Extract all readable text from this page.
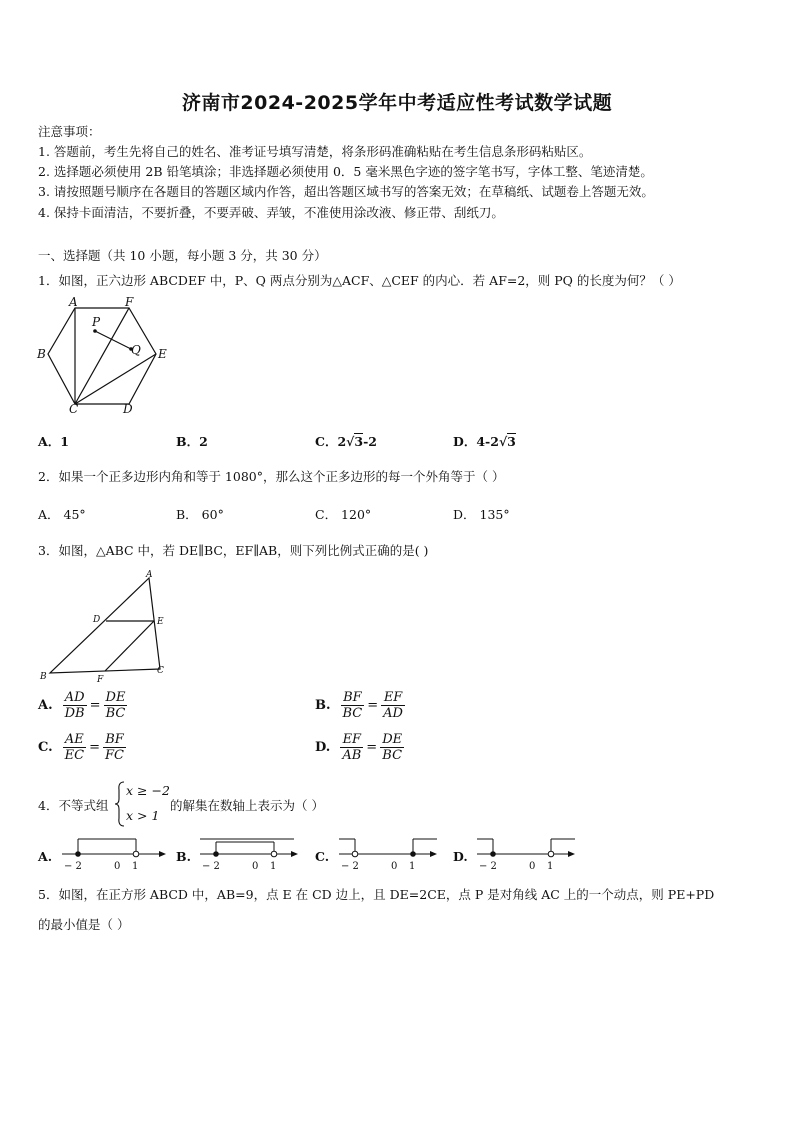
济南市2024-2025学年中考适应性考试数学试题
注意事项：
1. 答题前，考生先将自己的姓名、准考证号填写清楚，将条形码准确粘贴在考生信息条形码粘贴区。
2. 选择题必须使用 2B 铅笔填涂；非选择题必须使用 0．5 毫米黑色字迹的签字笔书写，字体工整、笔迹清楚。
3. 请按照题号顺序在各题目的答题区域内作答，超出答题区域书写的答案无效；在草稿纸、试题卷上答题无效。
4. 保持卡面清洁，不要折叠，不要弄破、弄皱，不准使用涂改液、修正带、刮纸刀。
一、选择题（共 10 小题，每小题 3 分，共 30 分）
1．如图，正六边形 ABCDEF 中，P、Q 两点分别为△ACF、△CEF 的内心．若 AF=2，则 PQ 的长度为何？（ ）
A	F
P
B	Q E
C	D
A．1	B．2	C．2√3-2	D．4-2√3
2．如果一个正多边形内角和等于 1080°，那么这个正多边形的每一个外角等于（ ）
A． 45°	B． 60°	C． 120°	D． 135°
3．如图，△ABC 中，若 DE∥BC，EF∥AB，则下列比例式正确的是( )
A
D	E
B	F
C
A. $\frac{AD}{DB} = \frac{DE}{BC}$	B. $\frac{BF}{BC} = \frac{EF}{AD}$
C. $\frac{AE}{EC} = \frac{BF}{FC}$	D. $\frac{EF}{AB} = \frac{DE}{BC}$
4．不等式组
x ≥ −2
x > 1
的解集在数轴上表示为（ ）
A.
− 2	0 1
B.
− 2	0 1
C.
− 2	0 1
D.
− 2	0 1
5．如图，在正方形 ABCD 中，AB=9，点 E 在 CD 边上，且 DE=2CE，点 P 是对角线 AC 上的一个动点，则 PE+PD
的最小值是（ ）
